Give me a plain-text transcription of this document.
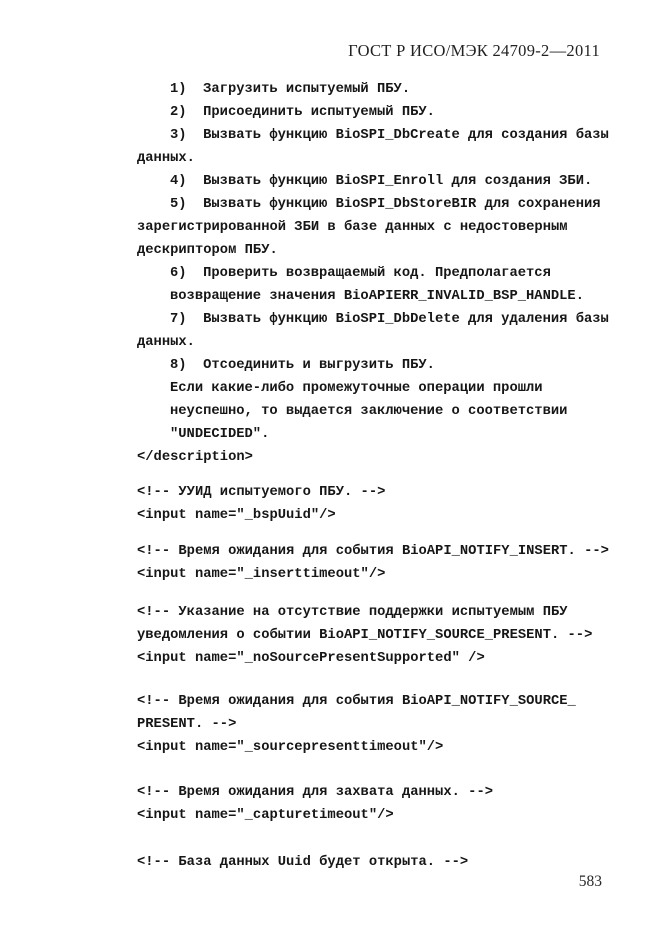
ГОСТ Р ИСО/МЭК 24709-2—2011
1)  Загрузить испытуемый ПБУ.
2)  Присоединить испытуемый ПБУ.
3)  Вызвать функцию BioSPI_DbCreate для создания базы
данных.
4)  Вызвать функцию BioSPI_Enroll для создания ЗБИ.
5)  Вызвать функцию BioSPI_DbStoreBIR для сохранения
зарегистрированной ЗБИ в базе данных с недостоверным
дескриптором ПБУ.
6)  Проверить возвращаемый код. Предполагается
возвращение значения BioAPIERR_INVALID_BSP_HANDLE.
7)  Вызвать функцию BioSPI_DbDelete для удаления базы
данных.
8)  Отсоединить и выгрузить ПБУ.
Если какие-либо промежуточные операции прошли
неуспешно, то выдается заключение о соответствии
"UNDECIDED".
</description>
<!-- УУИД испытуемого ПБУ. -->
<input name="_bspUuid"/>
<!-- Время ожидания для события BioAPI_NOTIFY_INSERT. -->
<input name="_inserttimeout"/>
<!-- Указание на отсутствие поддержки испытуемым ПБУ
уведомления о событии BioAPI_NOTIFY_SOURCE_PRESENT. -->
<input name="_noSourcePresentSupported" />
<!-- Время ожидания для события BioAPI_NOTIFY_SOURCE_
PRESENT. -->
<input name="_sourcepresenttimeout"/>
<!-- Время ожидания для захвата данных. -->
<input name="_capturetimeout"/>
<!-- База данных Uuid будет открыта. -->
583
